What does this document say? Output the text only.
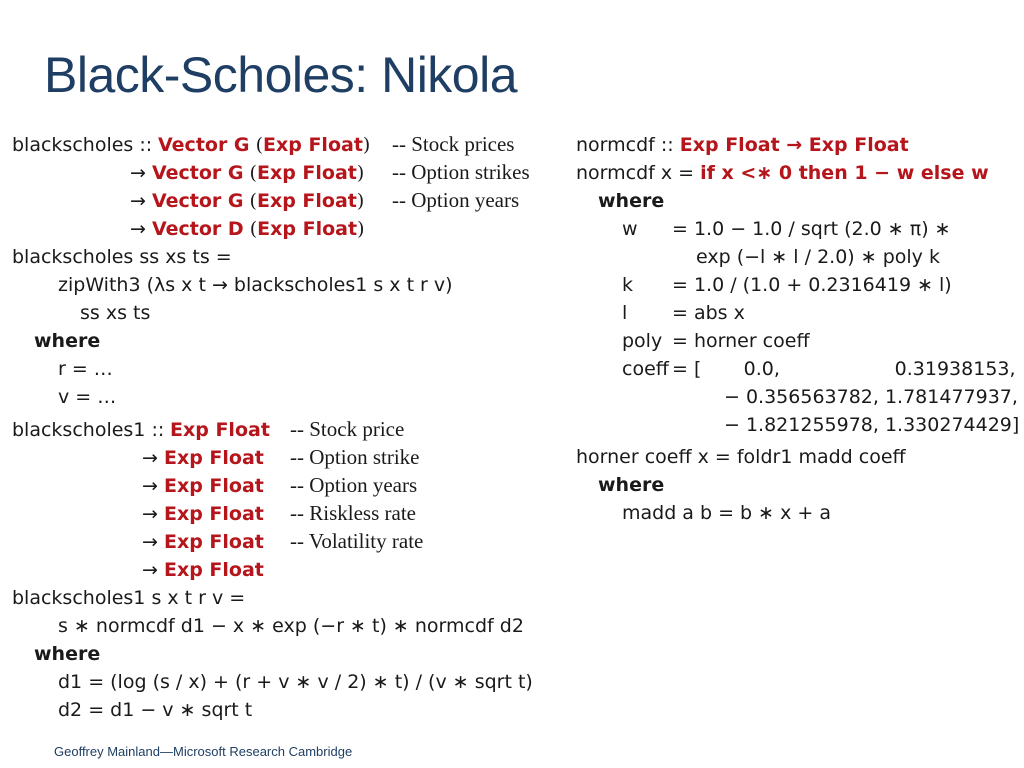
Black-Scholes: Nikola
blackscholes :: Vector G (Exp Float) -- Stock prices
→ Vector G (Exp Float) -- Option strikes
→ Vector G (Exp Float) -- Option years
→ Vector D (Exp Float)
blackscholes ss xs ts =
zipWith3 (λs x t → blackscholes1 s x t r v)
ss xs ts
where
r = …
v = …
blackscholes1 :: Exp Float -- Stock price
→ Exp Float -- Option strike
→ Exp Float -- Option years
→ Exp Float -- Riskless rate
→ Exp Float -- Volatility rate
→ Exp Float
blackscholes1 s x t r v =
s ∗ normcdf d1 − x ∗ exp (−r ∗ t) ∗ normcdf d2
where
d1 = (log (s / x) + (r + v ∗ v / 2) ∗ t) / (v ∗ sqrt t)
d2 = d1 − v ∗ sqrt t
normcdf :: Exp Float → Exp Float
normcdf x = if x <∗ 0 then 1 − w else w
where
w = 1.0 − 1.0 / sqrt (2.0 ∗ π) ∗
exp (−l ∗ l / 2.0) ∗ poly k
k = 1.0 / (1.0 + 0.2316419 ∗ l)
l = abs x
poly = horner coeff
coeff = [       0.0,                   0.31938153,
− 0.356563782, 1.781477937,
− 1.821255978, 1.330274429]
horner coeff x = foldr1 madd coeff
where
madd a b = b ∗ x + a
Geoffrey Mainland—Microsoft Research Cambridge
